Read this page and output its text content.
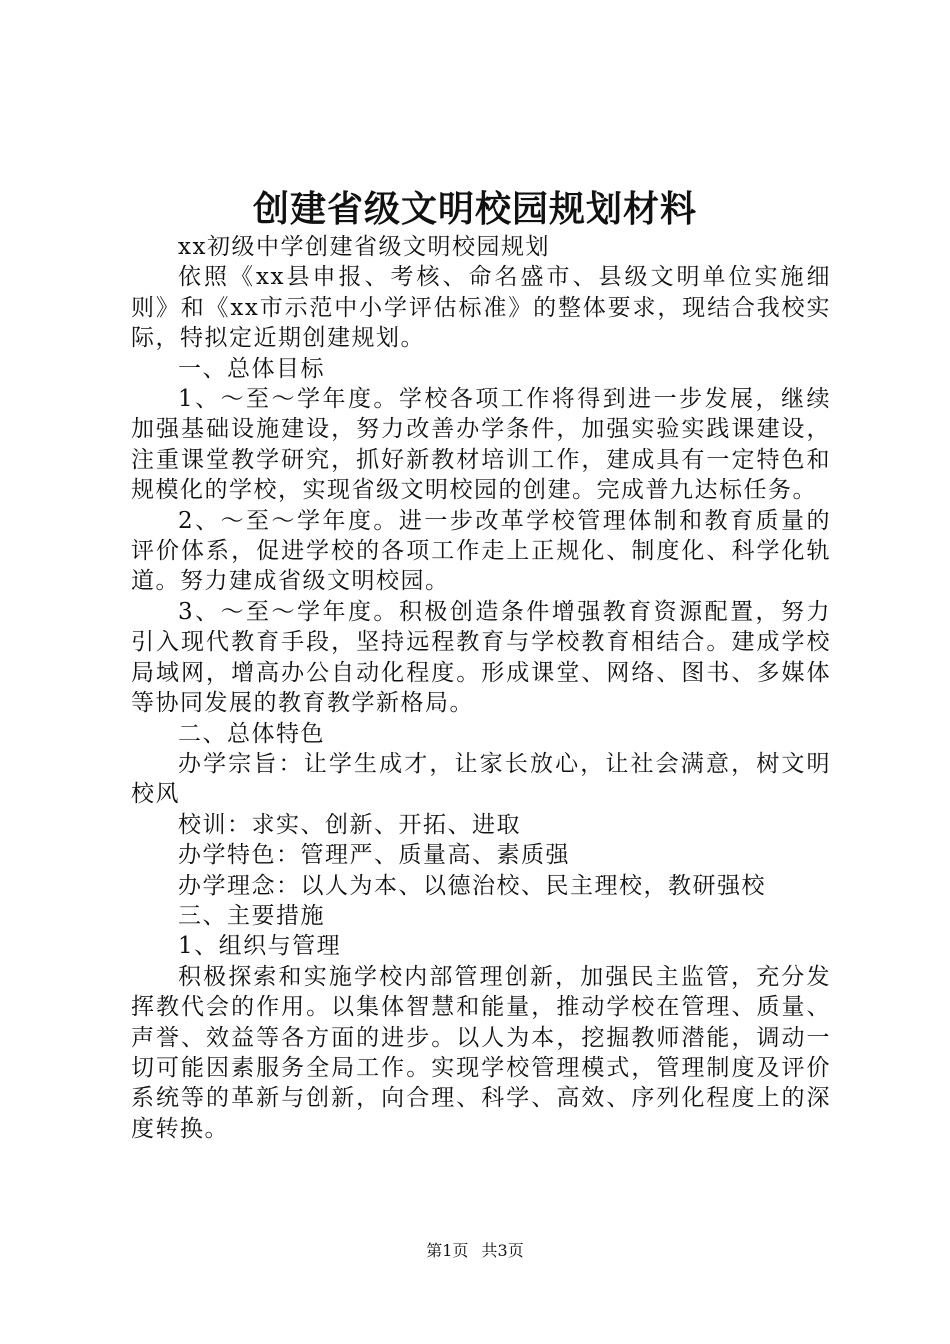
创建省级文明校园规划材料

xx初级中学创建省级文明校园规划

依照《xx县申报、考核、命名盛市、县级文明单位实施细则》和《xx市示范中小学评估标准》的整体要求，现结合我校实际，特拟定近期创建规划。

一、总体目标

1、～至～学年度。学校各项工作将得到进一步发展，继续加强基础设施建设，努力改善办学条件，加强实验实践课建设，注重课堂教学研究，抓好新教材培训工作，建成具有一定特色和规模化的学校，实现省级文明校园的创建。完成普九达标任务。

2、～至～学年度。进一步改革学校管理体制和教育质量的评价体系，促进学校的各项工作走上正规化、制度化、科学化轨道。努力建成省级文明校园。

3、～至～学年度。积极创造条件增强教育资源配置，努力引入现代教育手段，坚持远程教育与学校教育相结合。建成学校局域网，增高办公自动化程度。形成课堂、网络、图书、多媒体等协同发展的教育教学新格局。

二、总体特色

办学宗旨：让学生成才，让家长放心，让社会满意，树文明校风

校训：求实、创新、开拓、进取

办学特色：管理严、质量高、素质强

办学理念：以人为本、以德治校、民主理校，教研强校

三、主要措施

1、组织与管理

积极探索和实施学校内部管理创新，加强民主监管，充分发挥教代会的作用。以集体智慧和能量，推动学校在管理、质量、声誉、效益等各方面的进步。以人为本，挖掘教师潜能，调动一切可能因素服务全局工作。实现学校管理模式，管理制度及评价系统等的革新与创新，向合理、科学、高效、序列化程度上的深度转换。

第1页 共3页
